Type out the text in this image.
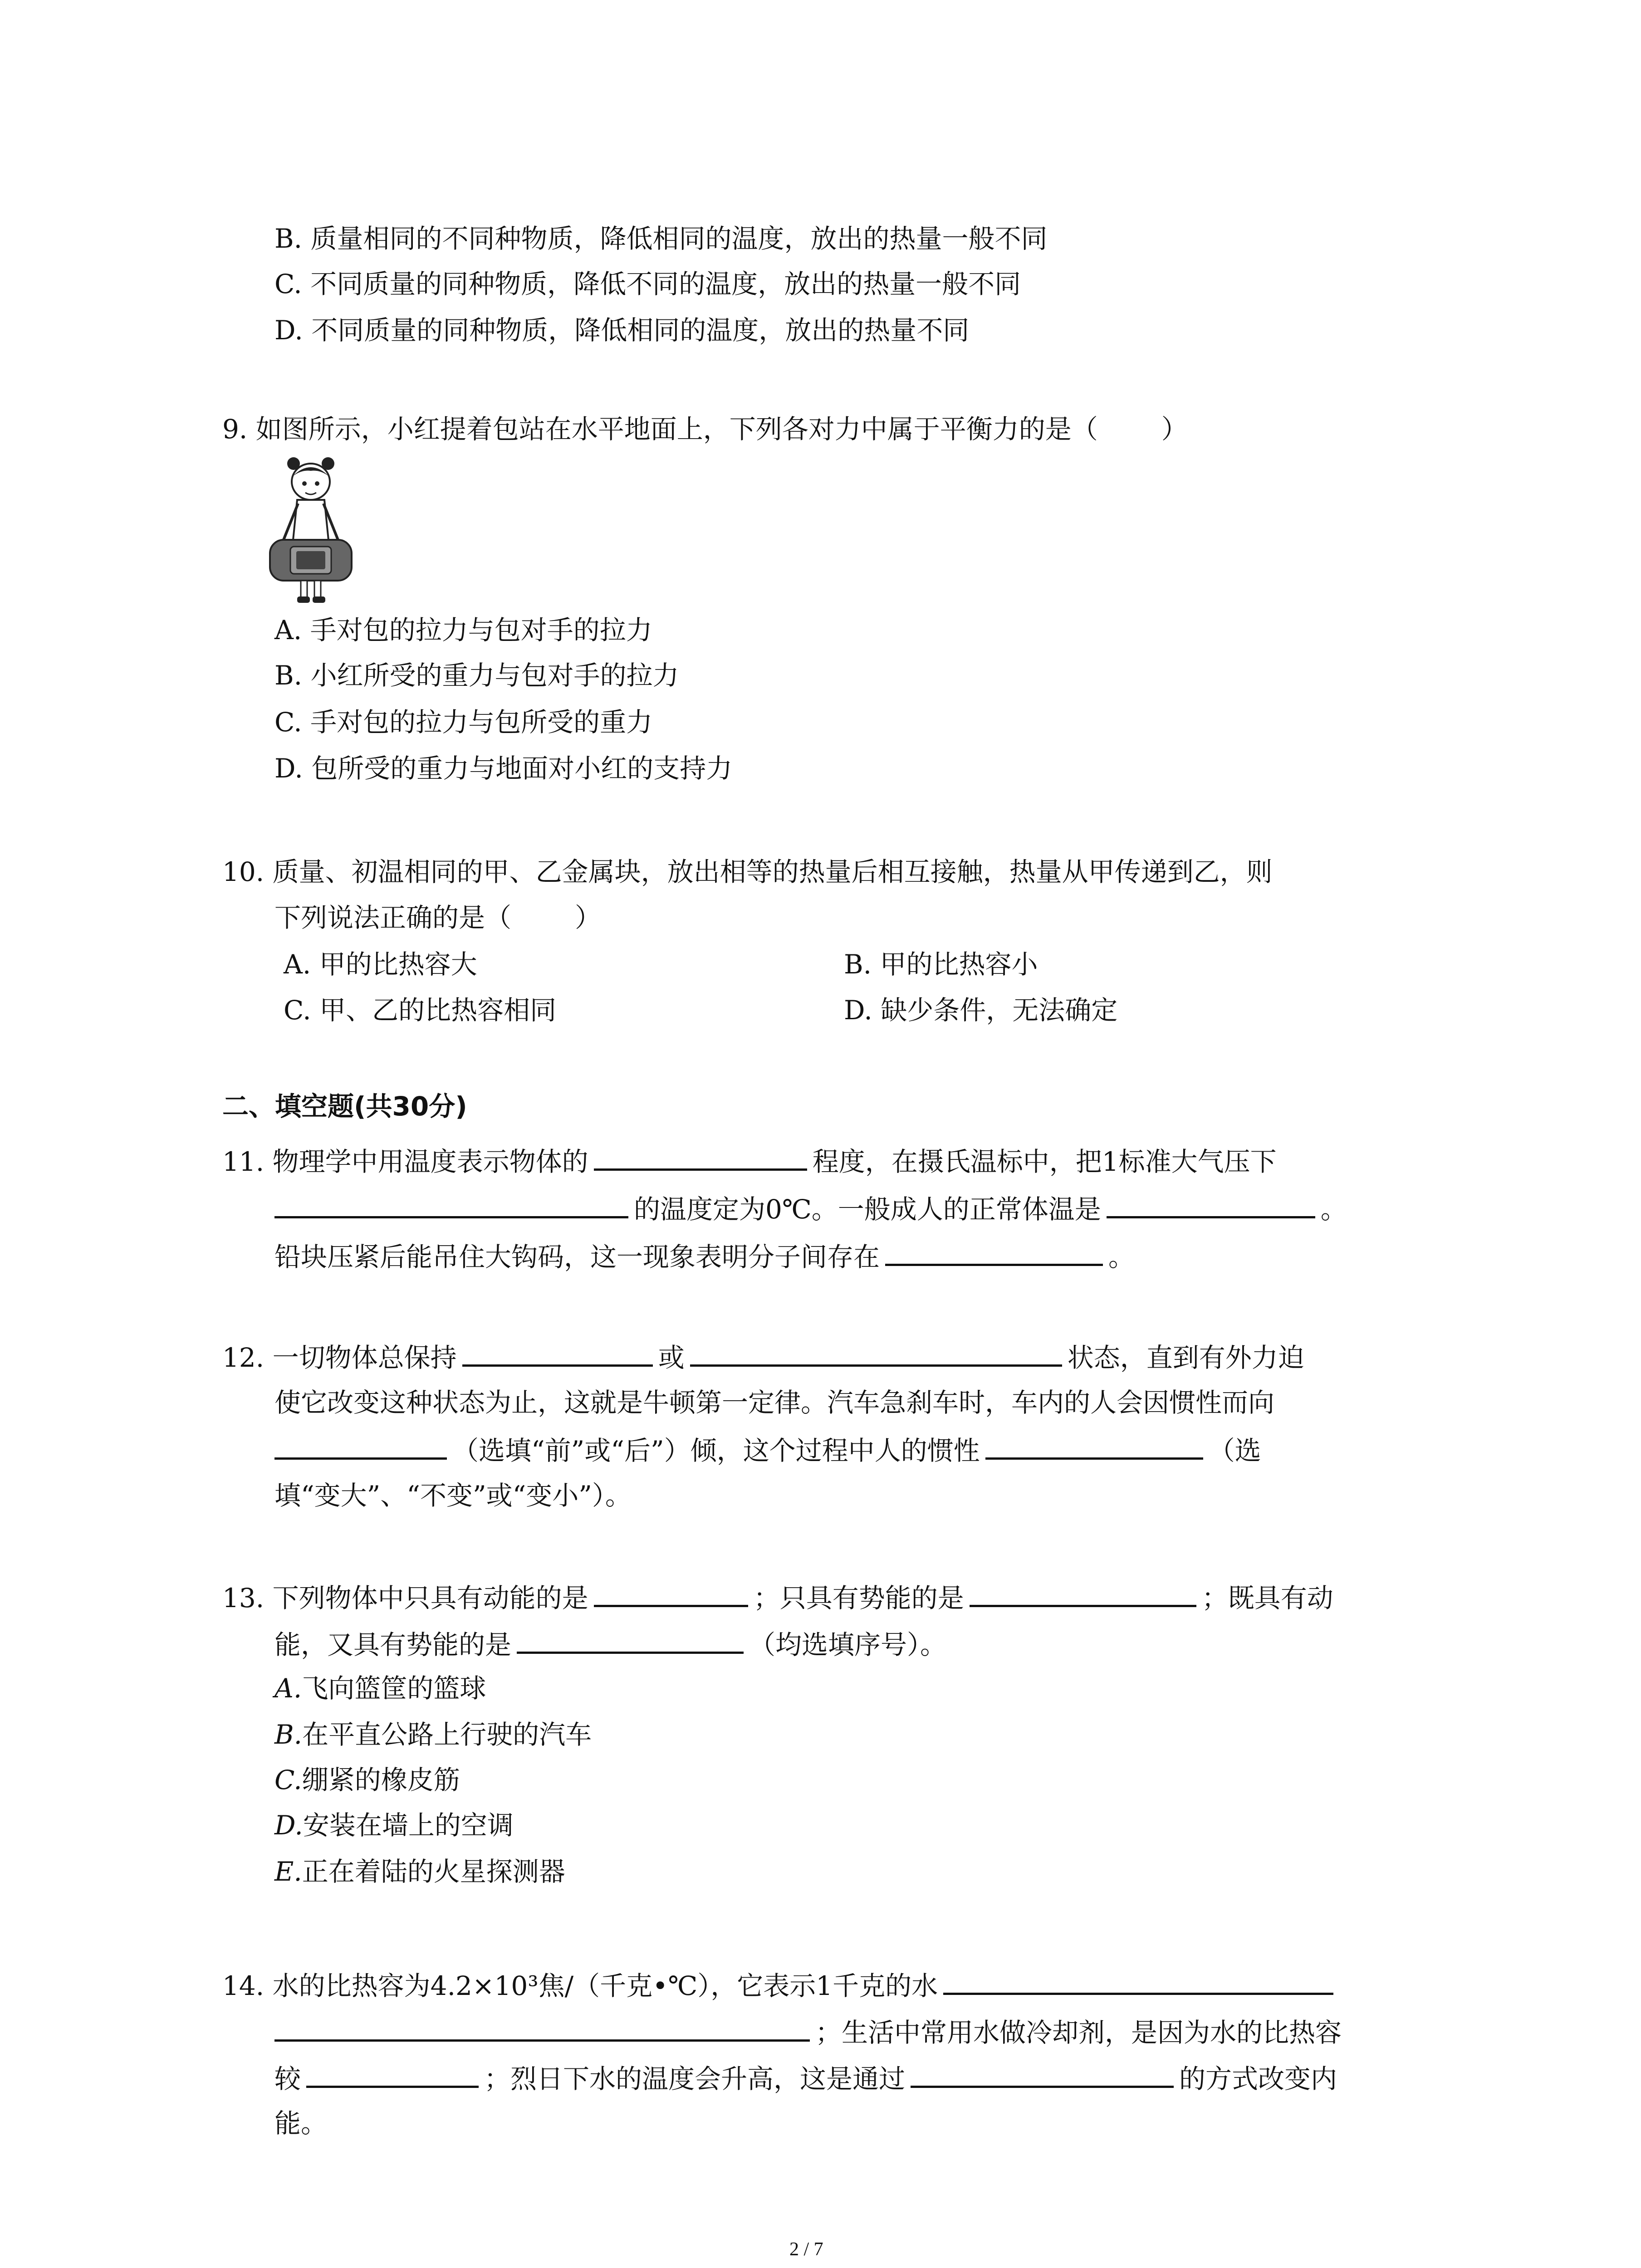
B. 质量相同的不同种物质，降低相同的温度，放出的热量一般不同
C. 不同质量的同种物质，降低不同的温度，放出的热量一般不同
D. 不同质量的同种物质，降低相同的温度，放出的热量不同
9. 如图所示，小红提着包站在水平地面上，下列各对力中属于平衡力的是（ ）
A. 手对包的拉力与包对手的拉力
B. 小红所受的重力与包对手的拉力
C. 手对包的拉力与包所受的重力
D. 包所受的重力与地面对小红的支持力
10. 质量、初温相同的甲、乙金属块，放出相等的热量后相互接触，热量从甲传递到乙，则
下列说法正确的是（ ）
A. 甲的比热容大	B. 甲的比热容小
C. 甲、乙的比热容相同	D. 缺少条件，无法确定
二、填空题(共30分)
11. 物理学中用温度表示物体的	程度，在摄氏温标中，把1标准大气压下
的温度定为0℃。一般成人的正常体温是	。
铅块压紧后能吊住大钩码，这一现象表明分子间存在	。
12. 一切物体总保持	或	状态，直到有外力迫
使它改变这种状态为止，这就是牛顿第一定律。汽车急刹车时，车内的人会因惯性而向
（选填“前”或“后”）倾，这个过程中人的惯性	（选
填“变大”、“不变”或“变小”）。
13. 下列物体中只具有动能的是	；只具有势能的是	；既具有动
能，又具有势能的是	（均选填序号）。
A.飞向篮筐的篮球
B.在平直公路上行驶的汽车
C.绷紧的橡皮筋
D.安装在墙上的空调
E.正在着陆的火星探测器
14. 水的比热容为4.2×10³焦/（千克•℃），它表示1千克的水
；生活中常用水做冷却剂，是因为水的比热容
较	；烈日下水的温度会升高，这是通过	的方式改变内
能。
2 / 7
